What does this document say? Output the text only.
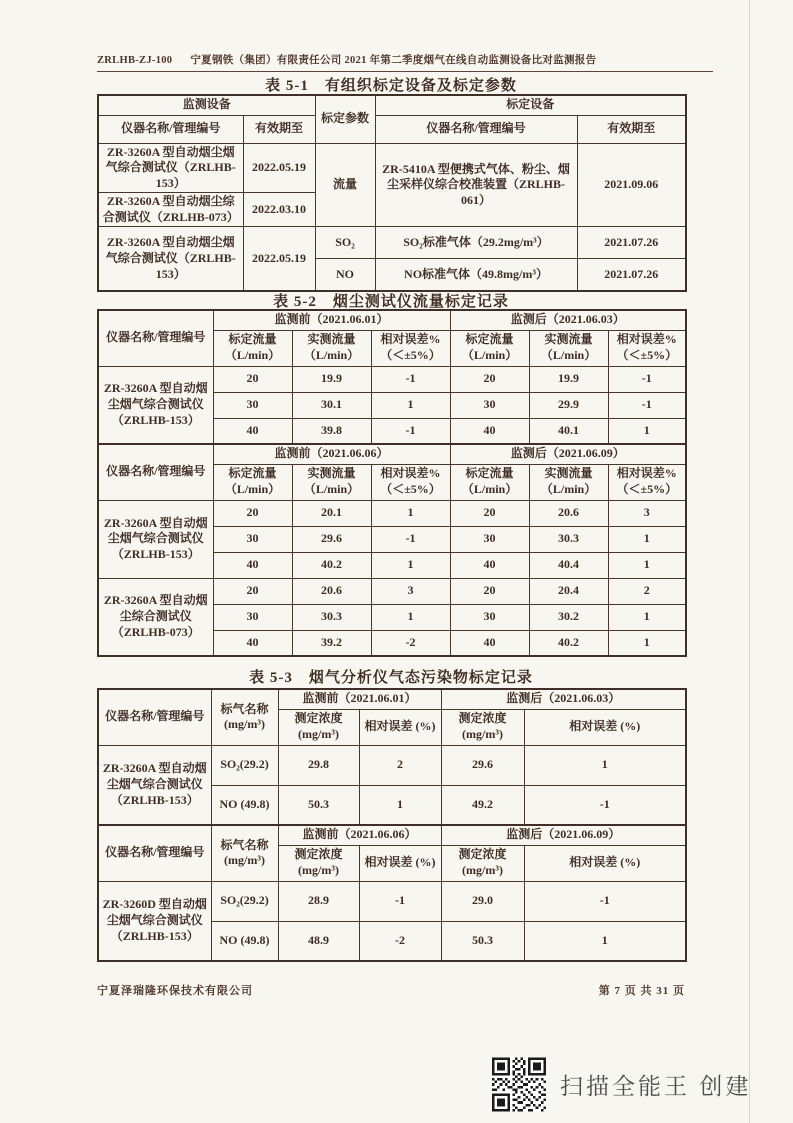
ZRLHB-ZJ-100 宁夏钢铁（集团）有限责任公司 2021 年第二季度烟气在线自动监测设备比对监测报告
表 5-1　有组织标定设备及标定参数
监测设备		标定参数	标定设备	
仪器名称/管理编号	有效期至		仪器名称/管理编号	有效期至
ZR-3260A 型自动烟尘烟气综合测试仪（ZRLHB-153）	2022.05.19	流量	ZR-5410A 型便携式气体、粉尘、烟尘采样仪综合校准装置（ZRLHB-061）	2021.09.06
ZR-3260A 型自动烟尘综合测试仪（ZRLHB-073）	2022.03.10			
ZR-3260A 型自动烟尘烟气综合测试仪（ZRLHB-153）	2022.05.19	SO₂	SO₂标准气体（29.2mg/m³）	2021.07.26
		NO	NO标准气体（49.8mg/m³）	2021.07.26
表 5-2　烟尘测试仪流量标定记录
仪器名称/管理编号	监测前（2021.06.01）			监测后（2021.06.03）		
	标定流量（L/min）	实测流量（L/min）	相对误差%（＜±5%）	标定流量（L/min）	实测流量（L/min）	相对误差%（＜±5%）
ZR-3260A 型自动烟尘烟气综合测试仪（ZRLHB-153）	20	19.9	-1	20	19.9	-1
	30	30.1	1	30	29.9	-1
	40	39.8	-1	40	40.1	1
仪器名称/管理编号	监测前（2021.06.06）			监测后（2021.06.09）		
	标定流量（L/min）	实测流量（L/min）	相对误差%（＜±5%）	标定流量（L/min）	实测流量（L/min）	相对误差%（＜±5%）
ZR-3260A 型自动烟尘烟气综合测试仪（ZRLHB-153）	20	20.1	1	20	20.6	3
	30	29.6	-1	30	30.3	1
	40	40.2	1	40	40.4	1
ZR-3260A 型自动烟尘综合测试仪（ZRLHB-073）	20	20.6	3	20	20.4	2
	30	30.3	1	30	30.2	1
	40	39.2	-2	40	40.2	1
表 5-3　烟气分析仪气态污染物标定记录
仪器名称/管理编号	标气名称 (mg/m³)	监测前（2021.06.01）		监测后（2021.06.03）	
		测定浓度 (mg/m³)	相对误差 (%)	测定浓度 (mg/m³)	相对误差 (%)
ZR-3260A 型自动烟尘烟气综合测试仪（ZRLHB-153）	SO₂(29.2)	29.8	2	29.6	1
	NO (49.8)	50.3	1	49.2	-1
仪器名称/管理编号	标气名称 (mg/m³)	监测前（2021.06.06）		监测后（2021.06.09）	
		测定浓度 (mg/m³)	相对误差 (%)	测定浓度 (mg/m³)	相对误差 (%)
ZR-3260D 型自动烟尘烟气综合测试仪（ZRLHB-153）	SO₂(29.2)	28.9	-1	29.0	-1
	NO (49.8)	48.9	-2	50.3	1
宁夏泽瑞隆环保技术有限公司	第 7 页 共 31 页
扫描全能王 创建
